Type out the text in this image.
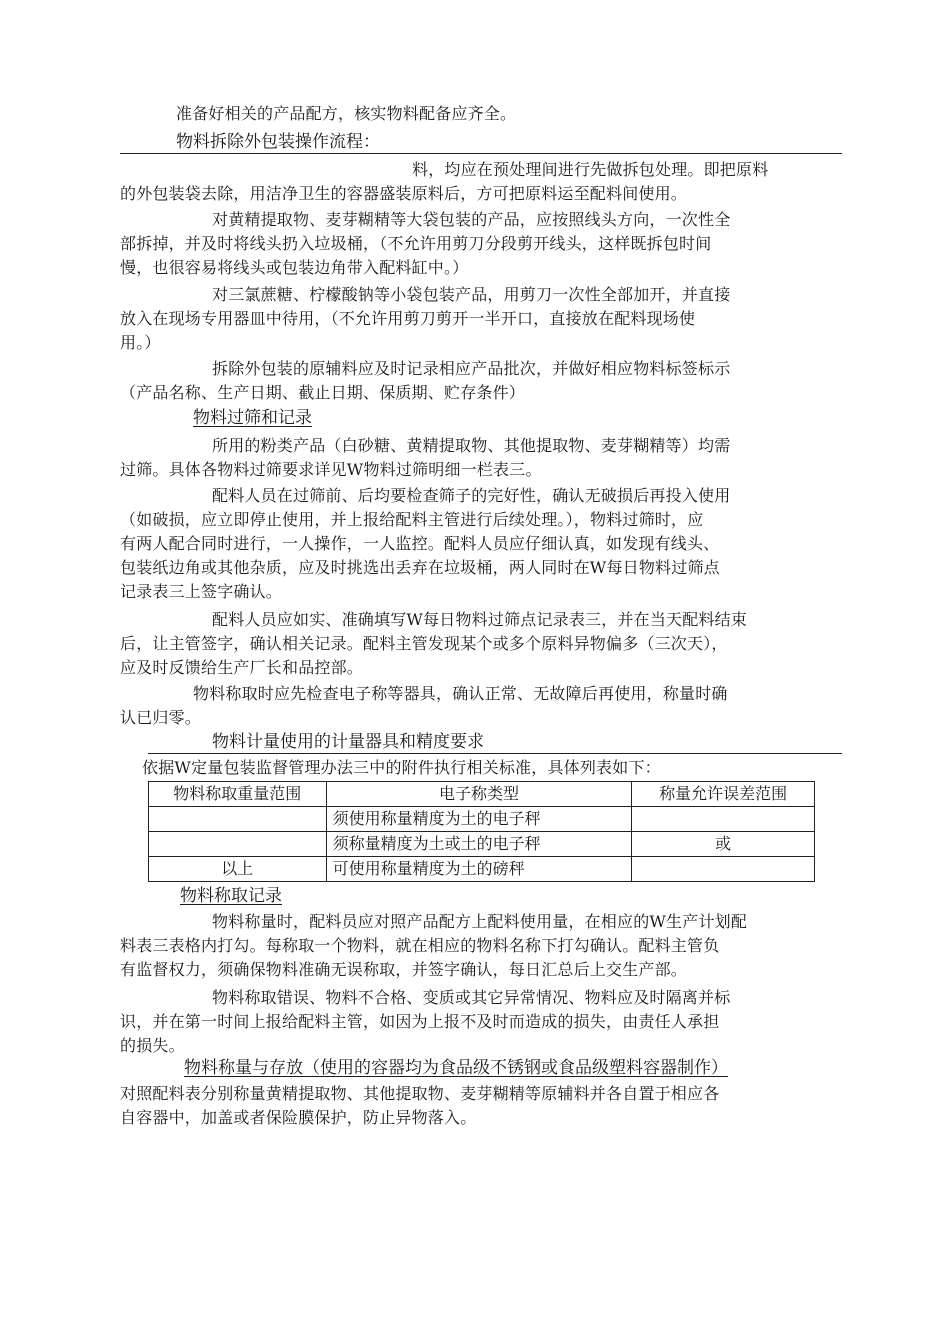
准备好相关的产品配方，核实物料配备应齐全。
物料拆除外包装操作流程：
料，均应在预处理间进行先做拆包处理。即把原料
的外包装袋去除，用洁净卫生的容器盛装原料后，方可把原料运至配料间使用。
对黄精提取物、麦芽糊精等大袋包装的产品，应按照线头方向，一次性全
部拆掉，并及时将线头扔入垃圾桶，（不允许用剪刀分段剪开线头，这样既拆包时间
慢，也很容易将线头或包装边角带入配料缸中。）
对三氯蔗糖、柠檬酸钠等小袋包装产品，用剪刀一次性全部加开，并直接
放入在现场专用器皿中待用，（不允许用剪刀剪开一半开口，直接放在配料现场使
用。）
拆除外包装的原辅料应及时记录相应产品批次，并做好相应物料标签标示
（产品名称、生产日期、截止日期、保质期、贮存条件）
物料过筛和记录
所用的粉类产品（白砂糖、黄精提取物、其他提取物、麦芽糊精等）均需
过筛。具体各物料过筛要求详见W物料过筛明细一栏表三。
配料人员在过筛前、后均要检查筛子的完好性，确认无破损后再投入使用
（如破损，应立即停止使用，并上报给配料主管进行后续处理。），物料过筛时，应
有两人配合同时进行，一人操作，一人监控。配料人员应仔细认真，如发现有线头、
包装纸边角或其他杂质，应及时挑选出丢弃在垃圾桶，两人同时在W每日物料过筛点
记录表三上签字确认。
配料人员应如实、准确填写W每日物料过筛点记录表三，并在当天配料结束
后，让主管签字，确认相关记录。配料主管发现某个或多个原料异物偏多（三次天），
应及时反馈给生产厂长和品控部。
物料称取时应先检查电子称等器具，确认正常、无故障后再使用，称量时确
认已归零。
物料计量使用的计量器具和精度要求
依据W定量包装监督管理办法三中的附件执行相关标准，具体列表如下：
物料称取重量范围	电子称类型	称量允许误差范围
	须使用称量精度为土的电子秤	
	须称量精度为土或土的电子秤	或
以上	可使用称量精度为土的磅秤	
物料称取记录
物料称量时，配料员应对照产品配方上配料使用量，在相应的W生产计划配
料表三表格内打勾。每称取一个物料，就在相应的物料名称下打勾确认。配料主管负
有监督权力，须确保物料准确无误称取，并签字确认，每日汇总后上交生产部。
物料称取错误、物料不合格、变质或其它异常情况、物料应及时隔离并标
识，并在第一时间上报给配料主管，如因为上报不及时而造成的损失，由责任人承担
的损失。
物料称量与存放（使用的容器均为食品级不锈钢或食品级塑料容器制作）
对照配料表分别称量黄精提取物、其他提取物、麦芽糊精等原辅料并各自置于相应各
自容器中，加盖或者保险膜保护，防止异物落入。
